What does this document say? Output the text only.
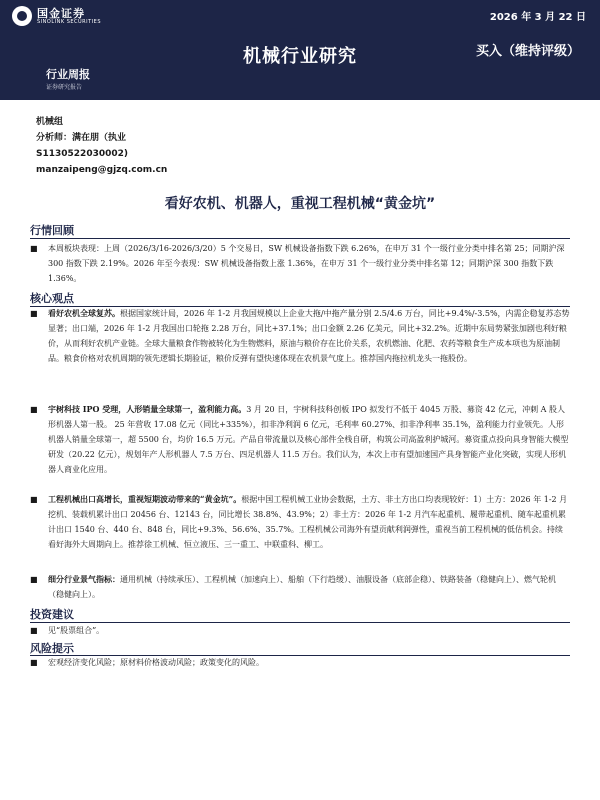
国金证券
SINOLINK SECURITIES	2026 年 3 月 22 日
机械行业研究	买入（维持评级）
行业周报
证券研究报告
机械组
分析师：满在朋（执业
S1130522030002)
manzaipeng@gjzq.com.cn
看好农机、机器人，重视工程机械“黄金坑”
行情回顾
■	本周板块表现：上周（2026/3/16-2026/3/20）5 个交易日，SW 机械设备指数下跌 6.26%，在申万 31 个一级行业分类中排名第 25；同期沪深 300 指数下跌 2.19%。2026 年至今表现：SW 机械设备指数上涨 1.36%，在申万 31 个一级行业分类中排名第 12；同期沪深 300 指数下跌 1.36%。
核心观点
■	看好农机全球复苏。根据国家统计局，2026 年 1-2 月我国规模以上企业大拖/中拖产量分别 2.5/4.6 万台，同比+9.4%/-3.5%，内需企稳复苏态势显著；出口端，2026 年 1-2 月我国出口轮拖 2.28 万台，同比+37.1%；出口金额 2.26 亿美元，同比+32.2%。近期中东局势紧张加剧也利好粮价，从而利好农机产业链。全球大量粮食作物被转化为生物燃料，原油与粮价存在比价关系，农机燃油、化肥、农药等粮食生产成本项也为原油制品。粮食价格对农机周期的领先逻辑长期验证，粮价反弹有望快速体现在农机景气度上。推荐国内拖拉机龙头一拖股份。
■	宇树科技 IPO 受理，人形销量全球第一，盈利能力高。3 月 20 日，宇树科技科创板 IPO 拟发行不低于 4045 万股、募资 42 亿元，冲刺 A 股人形机器人第一股。 25 年营收 17.08 亿元（同比+335%），扣非净利润 6 亿元，毛利率 60.27%、扣非净利率 35.1%，盈利能力行业领先。人形机器人销量全球第一，超 5500 台，均价 16.5 万元。产品自带流量以及核心部件全栈自研，构筑公司高盈利护城河。募资重点投向具身智能大模型研发（20.22 亿元），规划年产人形机器人 7.5 万台、四足机器人 11.5 万台。我们认为，本次上市有望加速国产具身智能产业化突破，实现人形机器人商业化应用。
■	工程机械出口高增长，重视短期波动带来的“黄金坑”。根据中国工程机械工业协会数据，土方、非土方出口均表现较好：1）土方：2026 年 1-2 月挖机、装载机累计出口 20456 台、12143 台，同比增长 38.8%、43.9%；2）非土方：2026 年 1-2 月汽车起重机、履带起重机、随车起重机累计出口 1540 台、440 台、848 台，同比+9.3%、56.6%、35.7%。工程机械公司海外有望贡献利润弹性，重视当前工程机械的低估机会。持续看好海外大周期向上。推荐徐工机械、恒立液压、三一重工、中联重科、柳工。
■	细分行业景气指标：通用机械（持续承压）、工程机械（加速向上）、船舶（下行趋缓）、油服设备（底部企稳）、铁路装备（稳健向上）、燃气轮机（稳健向上）。
投资建议
■	见“股票组合”。
风险提示
■	宏观经济变化风险；原材料价格波动风险；政策变化的风险。
